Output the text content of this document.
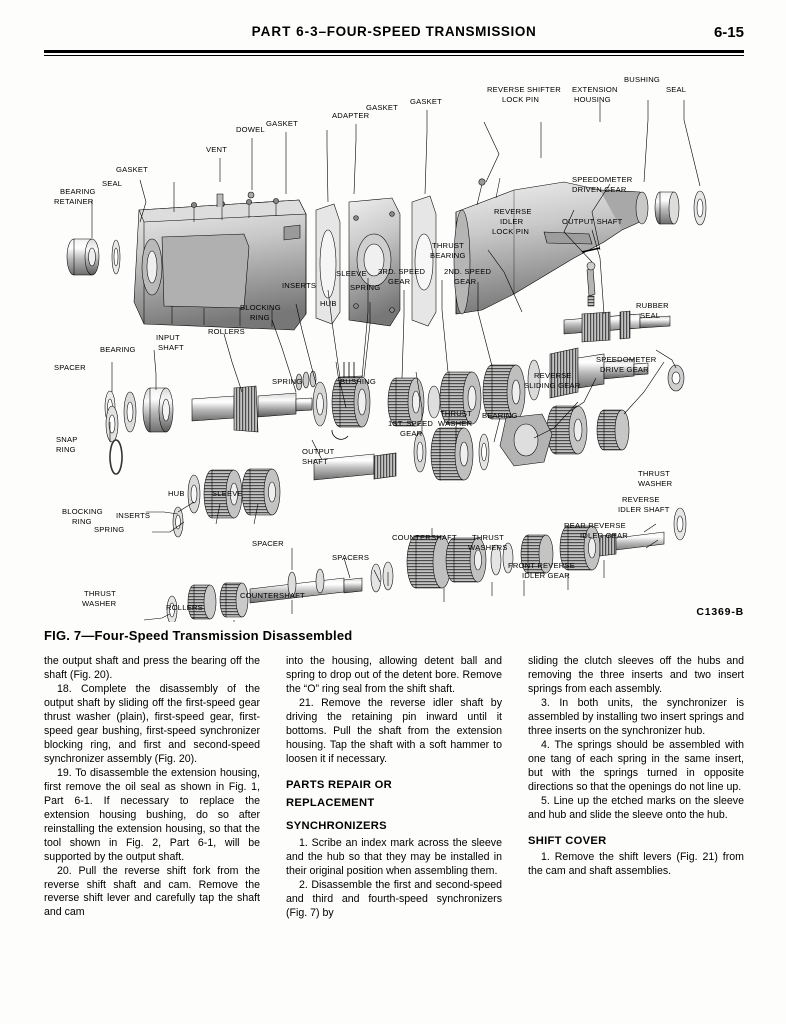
PART 6-3–FOUR-SPEED TRANSMISSION	6-15
REVERSE SHIFTER
LOCK PIN
EXTENSION
HOUSING
BUSHING
SEAL
GASKET
ADAPTER
GASKET
GASKET
VENT
DOWEL
GASKET
SEAL
BEARING
RETAINER
SPEEDOMETER
DRIVEN GEAR
REVERSE
IDLER
LOCK PIN
OUTPUT SHAFT
THRUST
BEARING
SLEEVE
SPRING
3RD. SPEED
GEAR
2ND. SPEED
GEAR
INSERTS
HUB
BLOCKING
RING
ROLLERS
INPUT
SHAFT
BEARING
SPACER
SPRING	BUSHING
RUBBER
SEAL
SPEEDOMETER
DRIVE GEAR
REVERSE
SLIDING GEAR
BEARING
1ST. SPEED
GEAR
THRUST
WASHER
SNAP
RING	OUTPUT
SHAFT
BLOCKING
RING
HUB	SLEEVE
INSERTS
SPRING
SPACER
SPACERS
COUNTERSHAFT THRUST
WASHERS
FRONT REVERSE
IDLER GEAR
REAR REVERSE
IDLER GEAR
REVERSE
IDLER SHAFT
THRUST
WASHER
THRUST
WASHER	ROLLERS
COUNTERSHAFT
C1369-B
FIG. 7—Four-Speed Transmission Disassembled

the output shaft and press the bearing off the shaft (Fig. 20).

18. Complete the disassembly of the output shaft by sliding off the first-speed gear thrust washer (plain), first-speed gear, first-speed gear bushing, first-speed synchronizer blocking ring, and first and second-speed synchronizer assembly (Fig. 20).

19. To disassemble the extension housing, first remove the oil seal as shown in Fig. 1, Part 6-1. If necessary to replace the extension housing bushing, do so after reinstalling the extension housing, so that the tool shown in Fig. 2, Part 6-1, will be supported by the output shaft.

20. Pull the reverse shift fork from the reverse shift shaft and cam. Remove the reverse shift lever and carefully tap the shaft and cam

into the housing, allowing detent ball and spring to drop out of the detent bore. Remove the “O” ring seal from the shift shaft.

21. Remove the reverse idler shaft by driving the retaining pin inward until it bottoms. Pull the shaft from the extension housing. Tap the shaft with a soft hammer to loosen it if necessary.

PARTS REPAIR OR
REPLACEMENT
SYNCHRONIZERS

1. Scribe an index mark across the sleeve and the hub so that they may be installed in their original position when assembling them.

2. Disassemble the first and second-speed and third and fourth-speed synchronizers (Fig. 7) by

sliding the clutch sleeves off the hubs and removing the three inserts and two insert springs from each assembly.

3. In both units, the synchronizer is assembled by installing two insert springs and three inserts on the synchronizer hub.

4. The springs should be assembled with one tang of each spring in the same insert, but with the springs turned in opposite directions so that the openings do not line up.

5. Line up the etched marks on the sleeve and hub and slide the sleeve onto the hub.

SHIFT COVER

1. Remove the shift levers (Fig. 21) from the cam and shaft assemblies.
